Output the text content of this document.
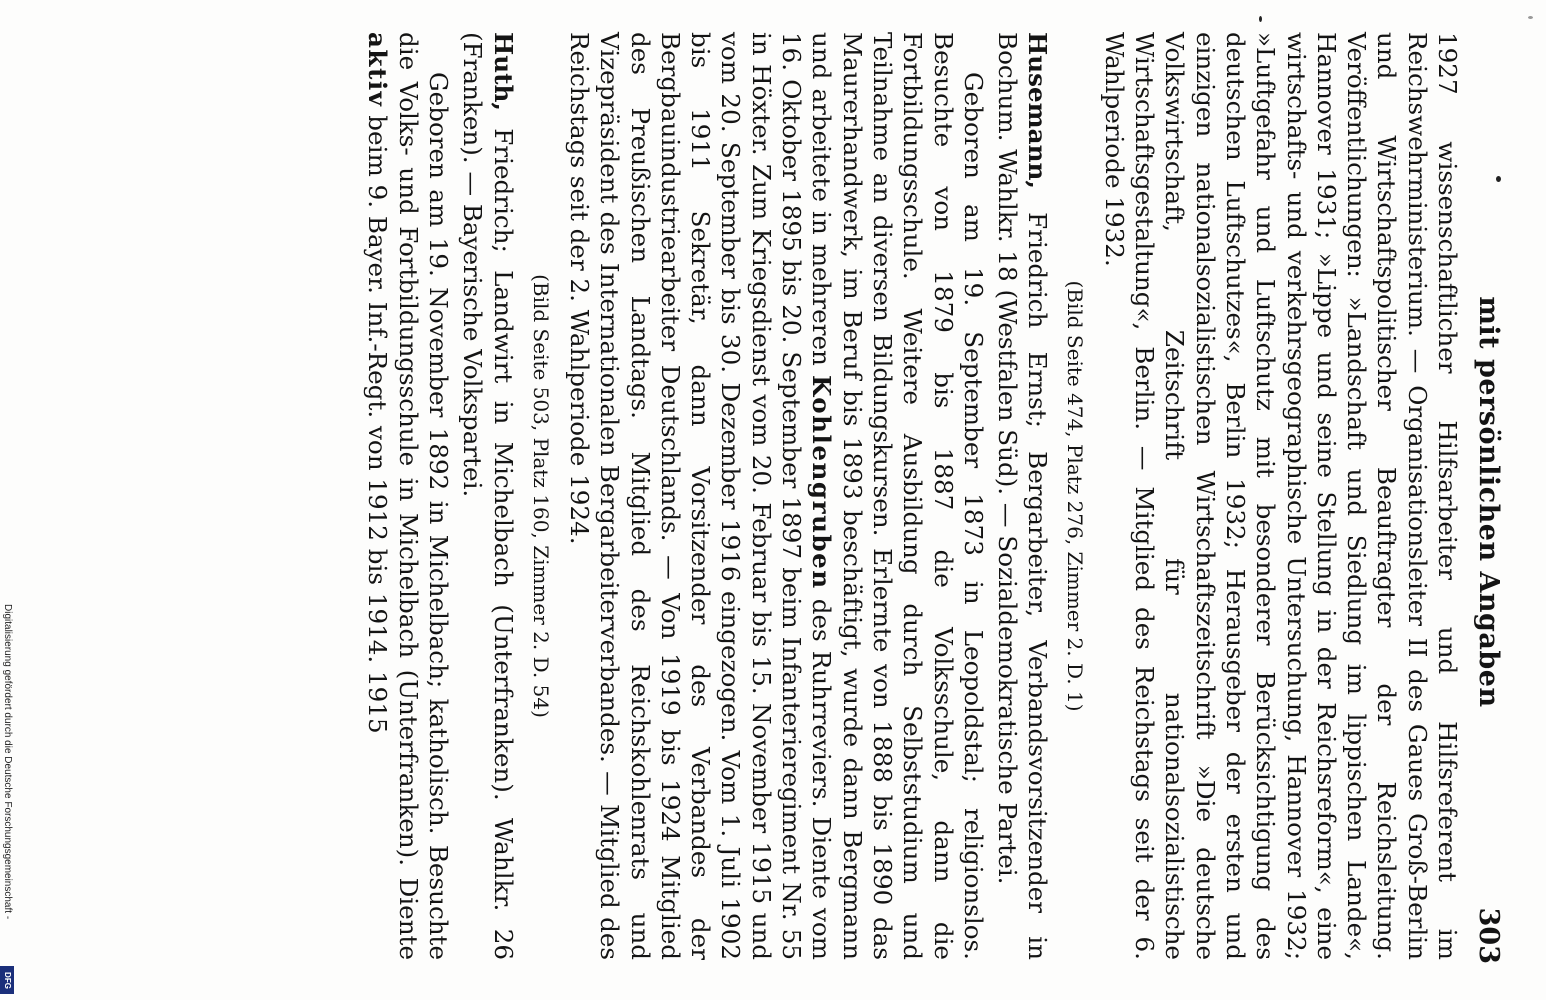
Digitalisierung gefördert durch die Deutsche Forschungsgemeinschaft -
DFG
mit persönlichen Angaben
303

1927 wissenschaftlicher Hilfsarbeiter und Hilfsreferent im Reichswehrministerium. — Organisationsleiter II des Gaues Groß-Berlin und Wirtschaftspolitischer Beauftragter der Reichsleitung. Veröffentlichungen: »Landschaft und Siedlung im lippischen Lande«, Hannover 1931; »Lippe und seine Stellung in der Reichsreform«, eine wirtschafts- und verkehrsgeographische Untersuchung, Hannover 1932; »Luftgefahr und Luftschutz mit besonderer Berücksichtigung des deutschen Luftschutzes«, Berlin 1932; Herausgeber der ersten und einzigen nationalsozialistischen Wirtschaftszeitschrift »Die deutsche Volkswirtschaft, Zeitschrift für nationalsozialistische Wirtschaftsgestaltung«, Berlin. — Mitglied des Reichstags seit der 6. Wahlperiode 1932.

(Bild Seite 474, Platz 276, Zimmer 2. D. 1)

Husemann, Friedrich Ernst; Bergarbeiter, Verbandsvorsitzender in Bochum. Wahlkr. 18 (Westfalen Süd). — Sozialdemokratische Partei.

Geboren am 19. September 1873 in Leopoldstal; religionslos. Besuchte von 1879 bis 1887 die Volksschule, dann die Fortbildungsschule. Weitere Ausbildung durch Selbststudium und Teilnahme an diversen Bildungskursen. Erlernte von 1888 bis 1890 das Maurerhandwerk, im Beruf bis 1893 beschäftigt, wurde dann Bergmann und arbeitete in mehreren Kohlengruben des Ruhrreviers. Diente vom 16. Oktober 1895 bis 20. September 1897 beim Infanterieregiment Nr. 55 in Höxter. Zum Kriegsdienst vom 20. Februar bis 15. November 1915 und vom 20. September bis 30. Dezember 1916 eingezogen. Vom 1. Juli 1902 bis 1911 Sekretär, dann Vorsitzender des Verbandes der Bergbauindustriearbeiter Deutschlands. — Von 1919 bis 1924 Mitglied des Preußischen Landtags. Mitglied des Reichskohlenrats und Vizepräsident des Internationalen Bergarbeiterverbandes. — Mitglied des Reichstags seit der 2. Wahlperiode 1924.

(Bild Seite 503, Platz 160, Zimmer 2. D. 54)

Huth, Friedrich; Landwirt in Michelbach (Unterfranken). Wahlkr. 26 (Franken). — Bayerische Volkspartei.

Geboren am 19. November 1892 in Michelbach; katholisch. Besuchte die Volks- und Fortbildungsschule in Michelbach (Unterfranken). Diente aktiv beim 9. Bayer. Inf.-Regt. von 1912 bis 1914. 1915
